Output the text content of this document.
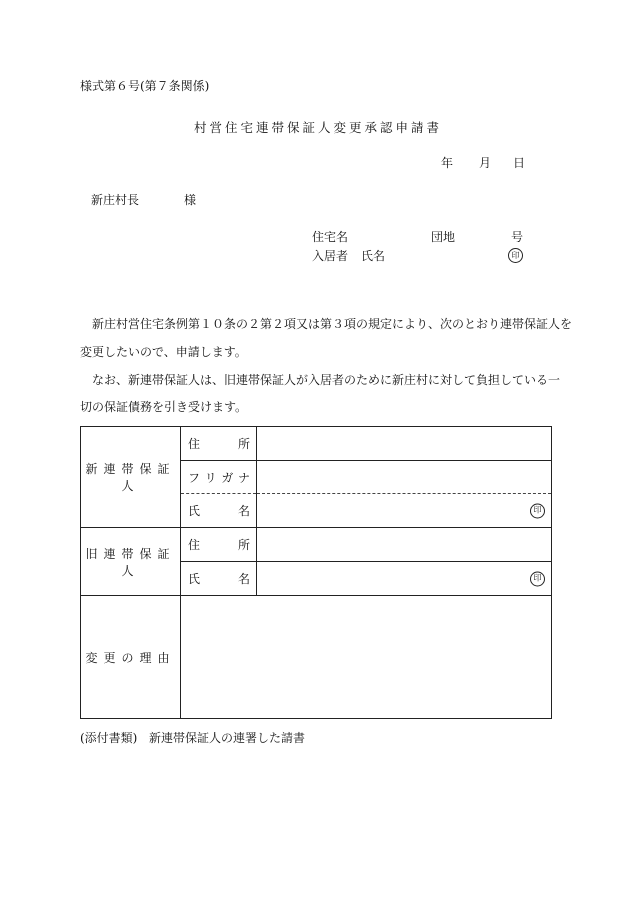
様式第６号(第７条関係)
村営住宅連帯保証人変更承認申請書
年 月 日
新庄村長	様
住宅名	団地	号
入居者 氏名	印
新庄村営住宅条例第１０条の２第２項又は第３項の規定により、次のとおり連帯保証人を
変更したいので、申請します。
なお、新連帯保証人は、旧連帯保証人が入居者のために新庄村に対して負担している一
切の保証債務を引き受けます。
新連帯保証人	住 所	

	フ リ ガ ナ	

	氏 名	印

旧連帯保証人	住 所	

	氏 名	印

変更の理由		
(添付書類) 新連帯保証人の連署した請書
